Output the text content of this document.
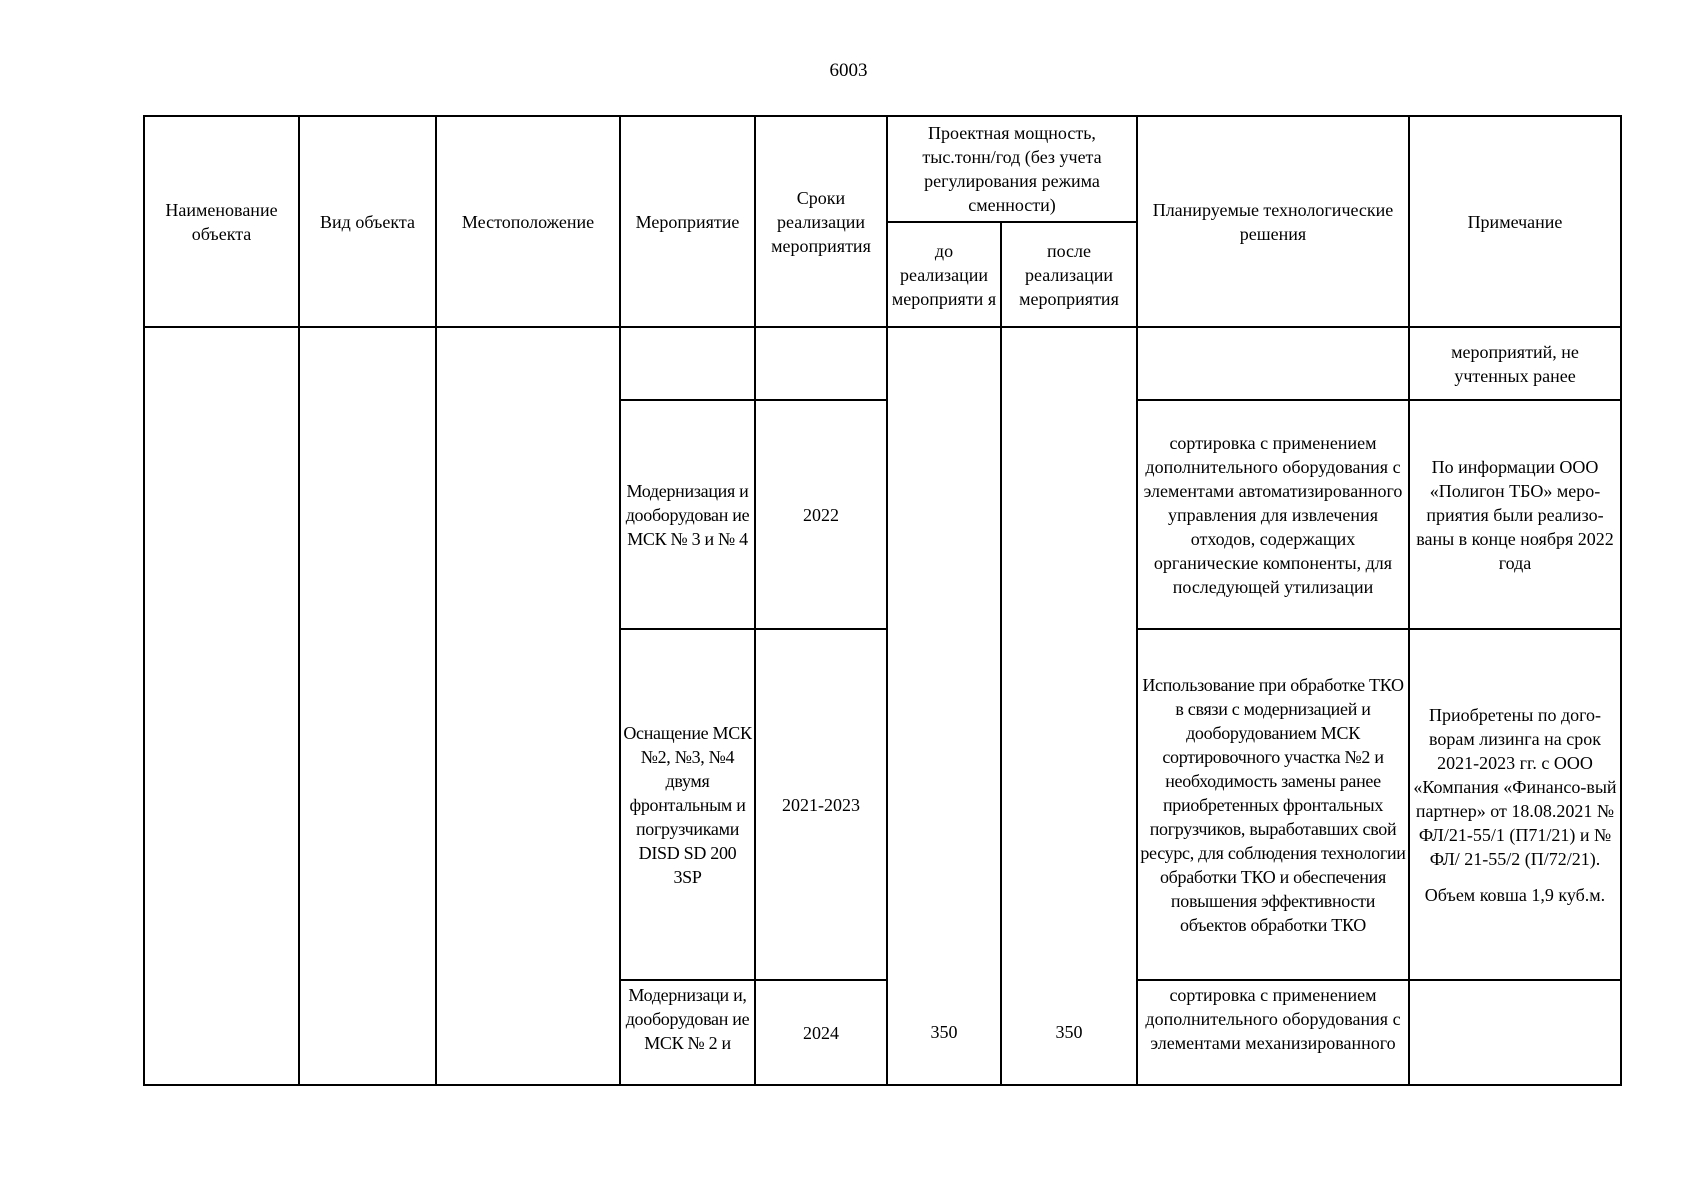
6003
Наименование объекта	Вид объекта	Местоположение	Мероприятие	Сроки реализации мероприятия	Проектная мощность, тыс.тонн/год (без учета регулирования режима сменности)		Планируемые технологические решения	Примечание
					до реализации мероприяти я	после реализации мероприятия		

								мероприятий, не учтенных ранее

			Модернизация и дооборудован ие МСК № 3 и № 4	2022			сортировка с применением дополнительного оборудования с элементами автоматизированного управления для извлечения отходов, содержащих органические компоненты, для последующей утилизации	По информации ООО «Полигон ТБО» меро-приятия были реализо-ваны в конце ноября 2022 года

			Оснащение МСК №2, №3, №4 двумя фронтальным и погрузчиками DISD SD 200 3SP	2021-2023			Использование при обработке ТКО в связи с модернизацией и дооборудованием МСК сортировочного участка №2 и необходимость замены ранее приобретенных фронтальных погрузчиков, выработавших свой ресурс, для соблюдения технологии обработки ТКО и обеспечения повышения эффективности объектов обработки ТКО	Приобретены по дого-ворам лизинга на срок 2021-2023 гг. с ООО «Компания «Финансо-вый партнер» от 18.08.2021 № ФЛ/21-55/1 (П71/21) и № ФЛ/ 21-55/2 (П/72/21).

Объем ковша 1,9 куб.м.

			Модернизаци и, дооборудован ие МСК № 2 и	2024	350	350	сортировка с применением дополнительного оборудования с элементами механизированного	
